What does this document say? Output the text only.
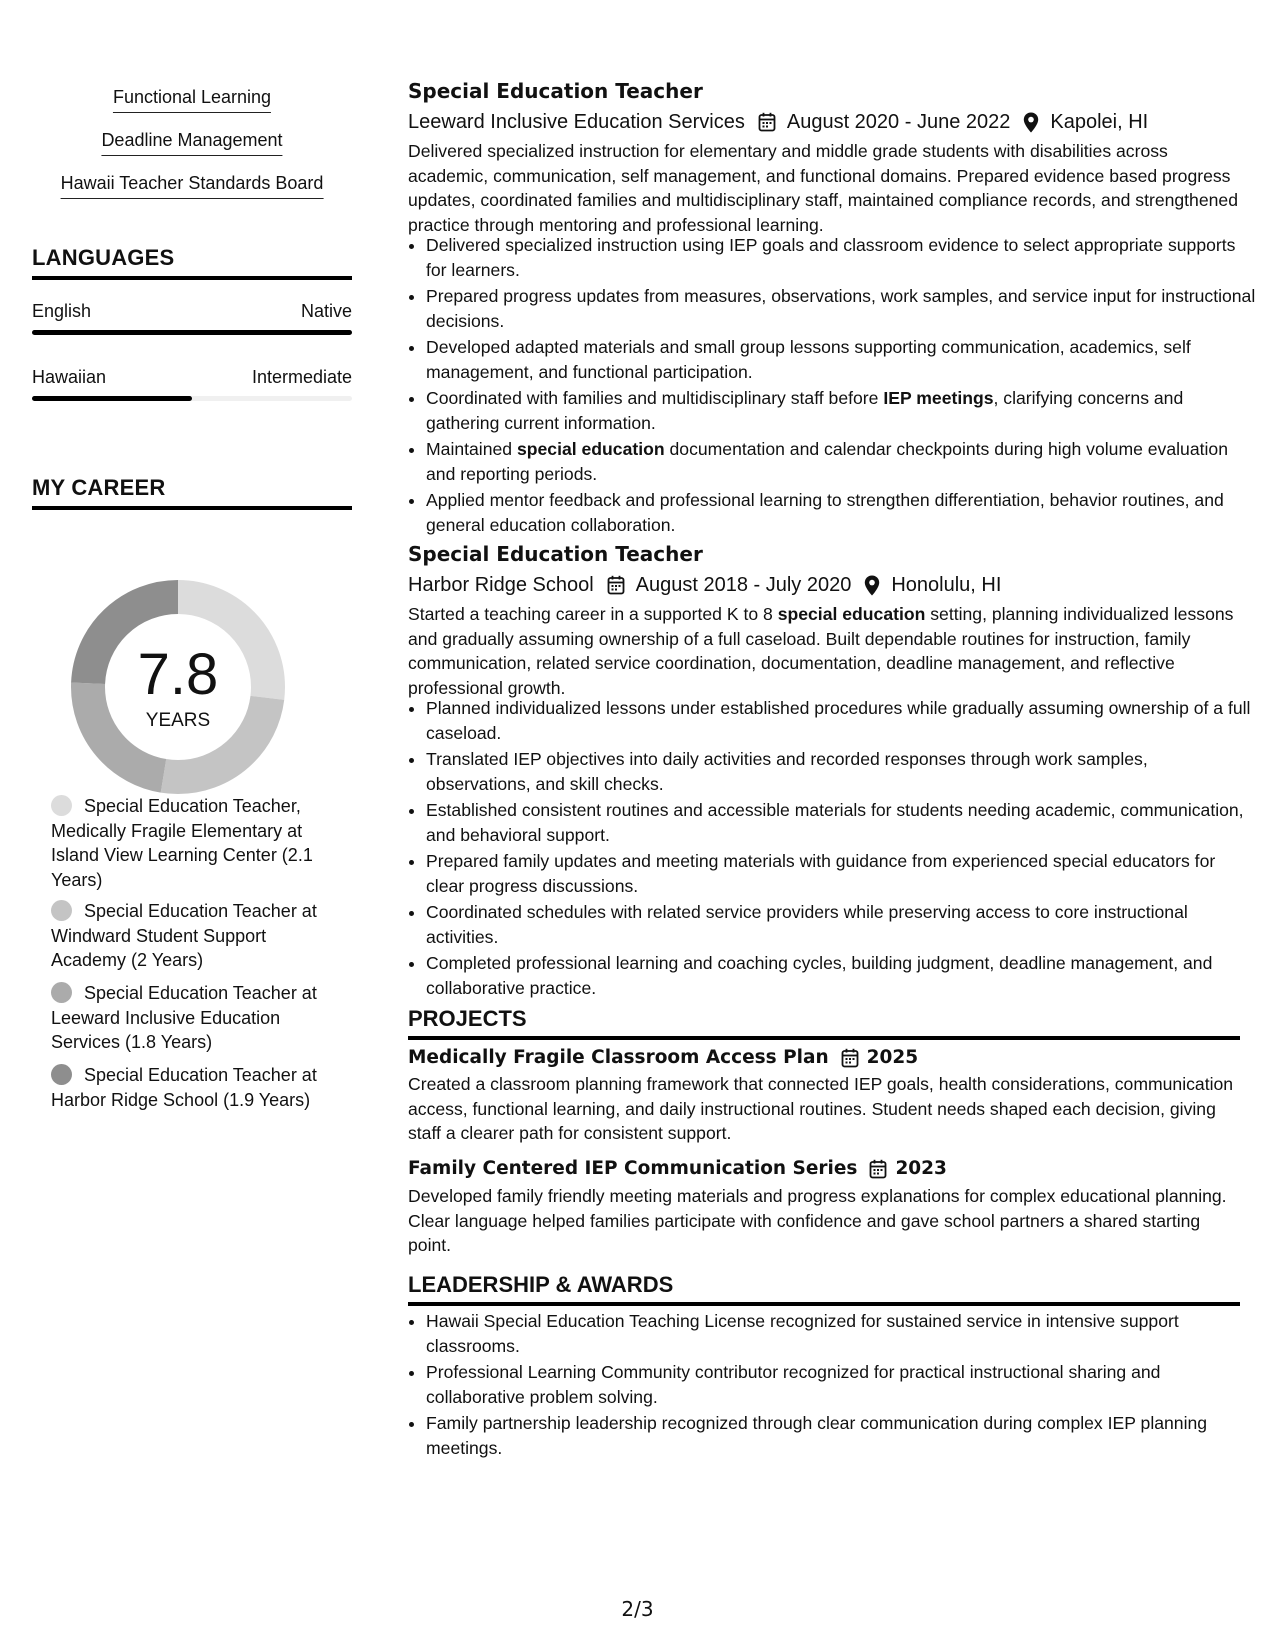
Functional Learning
Deadline Management
Hawaii Teacher Standards Board
LANGUAGES
English	Native
Hawaiian	Intermediate
MY CAREER
7.8
YEARS
Special Education Teacher, Medically Fragile Elementary at Island View Learning Center (2.1 Years)
Special Education Teacher at Windward Student Support Academy (2 Years)
Special Education Teacher at Leeward Inclusive Education Services (1.8 Years)
Special Education Teacher at Harbor Ridge School (1.9 Years)
Special Education Teacher
Leeward Inclusive Education Services August 2020 - June 2022 Kapolei, HI
Delivered specialized instruction for elementary and middle grade students with disabilities across academic, communication, self management, and functional domains. Prepared evidence based progress updates, coordinated families and multidisciplinary staff, maintained compliance records, and strengthened practice through mentoring and professional learning.
• Delivered specialized instruction using IEP goals and classroom evidence to select appropriate supports for learners.
• Prepared progress updates from measures, observations, work samples, and service input for instructional decisions.
• Developed adapted materials and small group lessons supporting communication, academics, self management, and functional participation.
• Coordinated with families and multidisciplinary staff before IEP meetings, clarifying concerns and gathering current information.
• Maintained special education documentation and calendar checkpoints during high volume evaluation and reporting periods.
• Applied mentor feedback and professional learning to strengthen differentiation, behavior routines, and general education collaboration.
Special Education Teacher
Harbor Ridge School August 2018 - July 2020 Honolulu, HI
Started a teaching career in a supported K to 8 special education setting, planning individualized lessons and gradually assuming ownership of a full caseload. Built dependable routines for instruction, family communication, related service coordination, documentation, deadline management, and reflective professional growth.
• Planned individualized lessons under established procedures while gradually assuming ownership of a full caseload.
• Translated IEP objectives into daily activities and recorded responses through work samples, observations, and skill checks.
• Established consistent routines and accessible materials for students needing academic, communication, and behavioral support.
• Prepared family updates and meeting materials with guidance from experienced special educators for clear progress discussions.
• Coordinated schedules with related service providers while preserving access to core instructional activities.
• Completed professional learning and coaching cycles, building judgment, deadline management, and collaborative practice.
PROJECTS
Medically Fragile Classroom Access Plan 2025
Created a classroom planning framework that connected IEP goals, health considerations, communication access, functional learning, and daily instructional routines. Student needs shaped each decision, giving staff a clearer path for consistent support.
Family Centered IEP Communication Series 2023
Developed family friendly meeting materials and progress explanations for complex educational planning. Clear language helped families participate with confidence and gave school partners a shared starting point.
LEADERSHIP & AWARDS
• Hawaii Special Education Teaching License recognized for sustained service in intensive support classrooms.
• Professional Learning Community contributor recognized for practical instructional sharing and collaborative problem solving.
• Family partnership leadership recognized through clear communication during complex IEP planning meetings.
2/3
